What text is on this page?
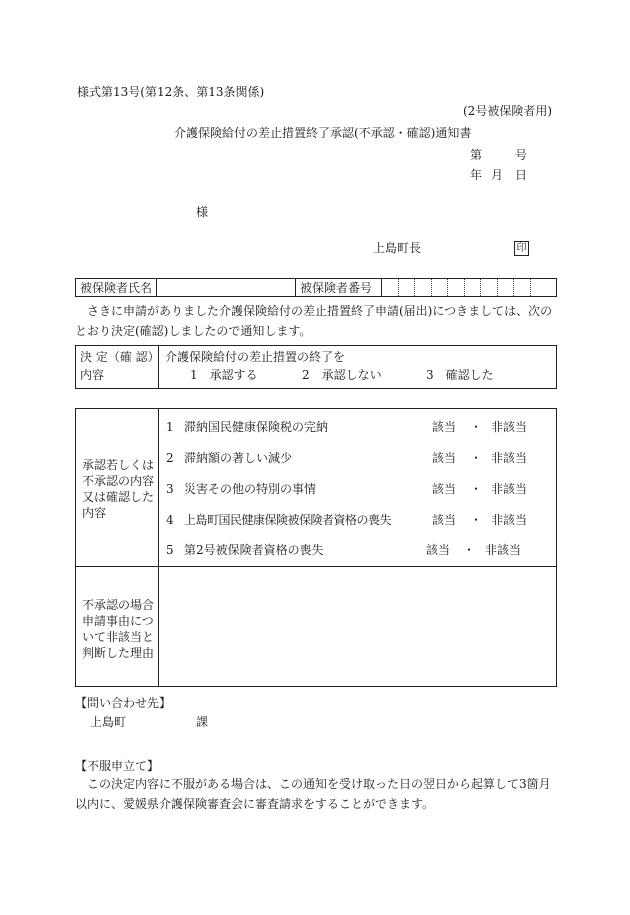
様式第13号(第12条、第13条関係)
(2号被保険者用)
介護保険給付の差止措置終了承認(不承認・確認)通知書
第	号
年 月 日
様
上島町長	印
被保険者氏名	被保険者番号
　さきに申請がありました介護保険給付の差止措置終了申請(届出)につきましては、次のとおり決定(確認)しましたので通知します。
決 定（確 認）
内容
介護保険給付の差止措置の終了を
1　承認する	2　承認しない	3　確認した
承認若しくは
不承認の内容
又は確認した
内容
1 滞納国民健康保険税の完納	該当 ・ 非該当
2 滞納額の著しい減少	該当 ・ 非該当
3 災害その他の特別の事情	該当 ・ 非該当
4 上島町国民健康保険被保険者資格の喪失	該当 ・ 非該当
5 第2号被保険者資格の喪失	該当 ・ 非該当
不承認の場合
申請事由につ
いて非該当と
判断した理由
【問い合わせ先】
上島町	課
【不服申立て】
　この決定内容に不服がある場合は、この通知を受け取った日の翌日から起算して3箇月以内に、愛媛県介護保険審査会に審査請求をすることができます。
